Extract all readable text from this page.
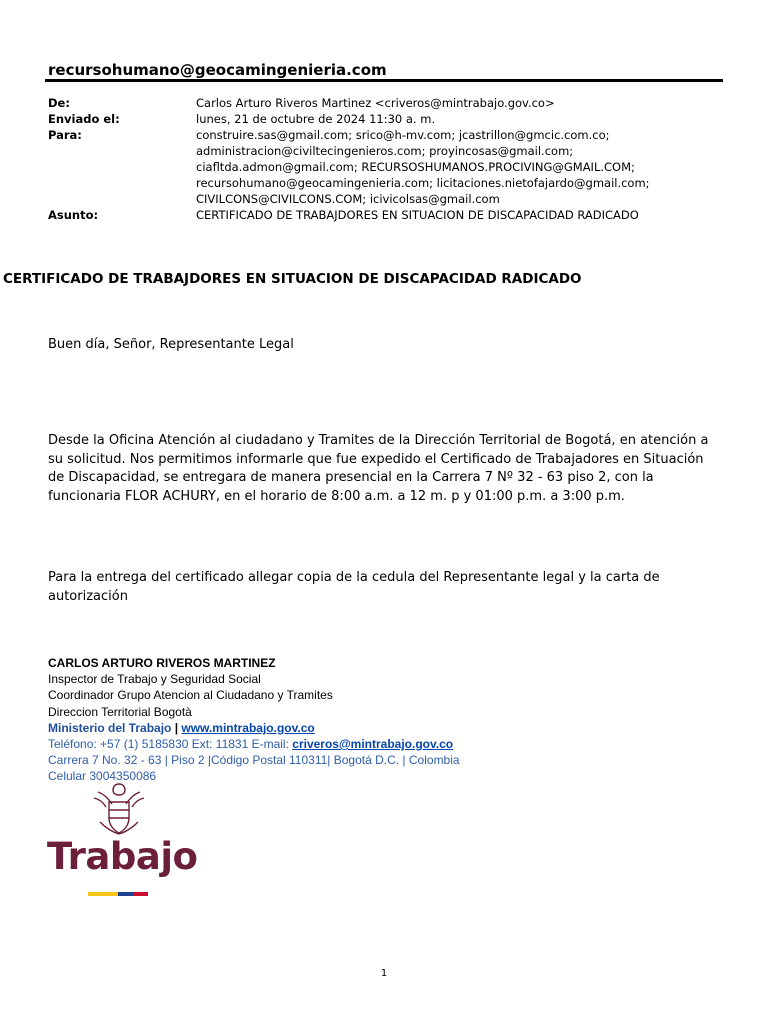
recursohumano@geocamingenieria.com
De:	Carlos Arturo Riveros Martinez <criveros@mintrabajo.gov.co>
Enviado el:	lunes, 21 de octubre de 2024 11:30 a. m.
Para:	construire.sas@gmail.com; srico@h-mv.com; jcastrillon@gmcic.com.co;
administracion@civiltecingenieros.com; proyincosas@gmail.com;
ciafltda.admon@gmail.com; RECURSOSHUMANOS.PROCIVING@GMAIL.COM;
recursohumano@geocamingenieria.com; licitaciones.nietofajardo@gmail.com;
CIVILCONS@CIVILCONS.COM; icivicolsas@gmail.com
Asunto:	CERTIFICADO DE TRABAJDORES EN SITUACION DE DISCAPACIDAD RADICADO
CERTIFICADO DE TRABAJDORES EN SITUACION DE DISCAPACIDAD RADICADO
Buen día, Señor, Representante Legal
Desde la Oficina Atención al ciudadano y Tramites de la Dirección Territorial de Bogotá, en atención a
su solicitud. Nos permitimos informarle que fue expedido el Certificado de Trabajadores en Situación
de Discapacidad, se entregara de manera presencial en la Carrera 7 Nº 32 - 63 piso 2, con la
funcionaria FLOR ACHURY, en el horario de 8:00 a.m. a 12 m. p y 01:00 p.m. a 3:00 p.m.
Para la entrega del certificado allegar copia de la cedula del Representante legal y la carta de
autorización
CARLOS ARTURO RIVEROS MARTINEZ
Inspector de Trabajo y Seguridad Social
Coordinador Grupo Atencion al Ciudadano y Tramites
Direccion Territorial Bogotà
Ministerio del Trabajo | www.mintrabajo.gov.co
Teléfono: +57 (1) 5185830 Ext: 11831 E-mail: criveros@mintrabajo.gov.co
Carrera 7 No. 32 - 63 | Piso 2 |Código Postal 110311| Bogotá D.C. | Colombia
Celular 3004350086
Trabajo
1
